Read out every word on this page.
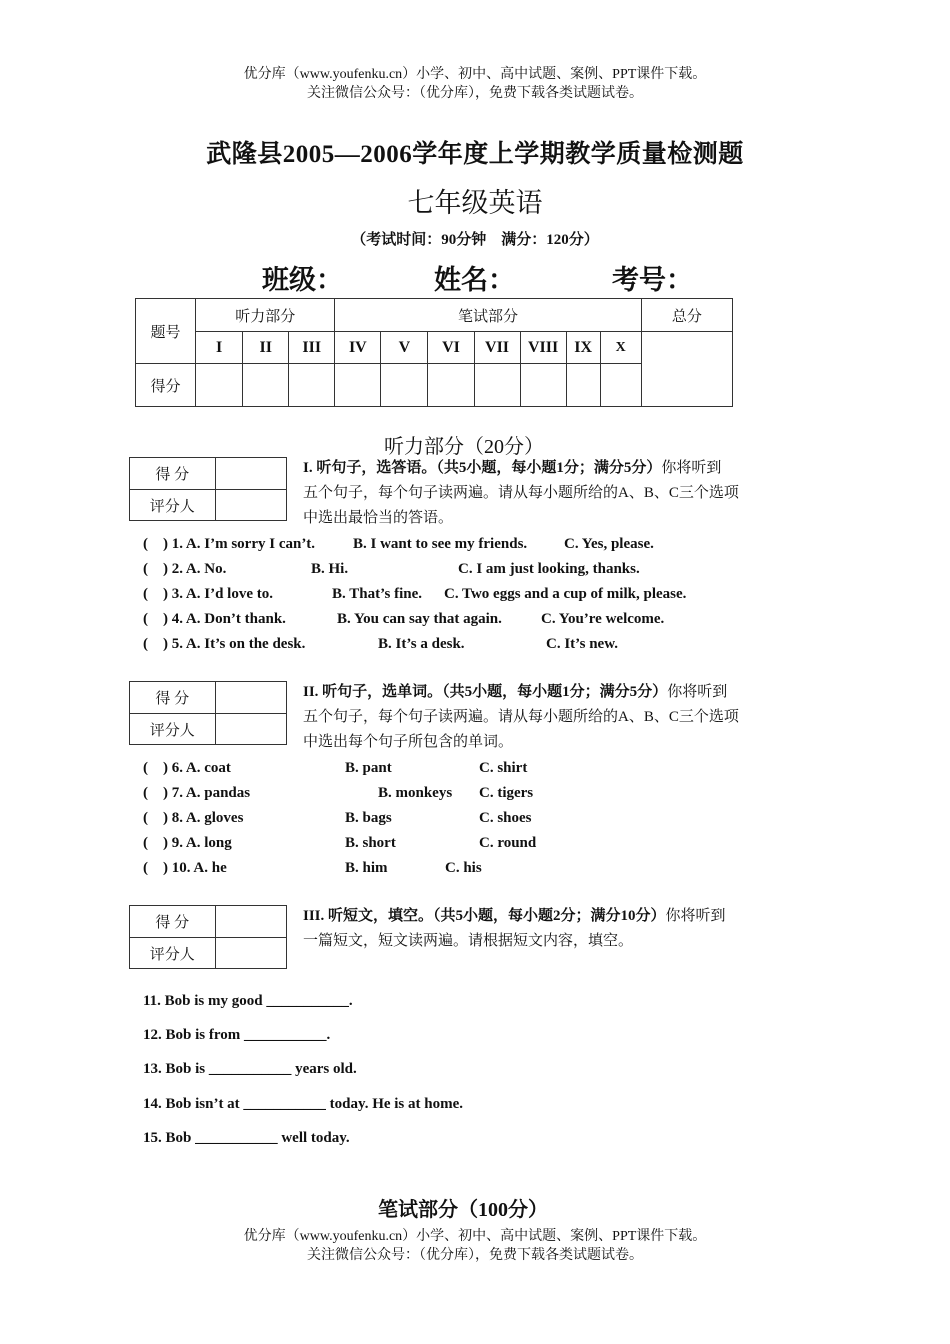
优分库（www.youfenku.cn）小学、初中、高中试题、案例、PPT课件下载。
关注微信公众号：（优分库），免费下载各类试题试卷。
武隆县2005—2006学年度上学期教学质量检测题
七年级英语
（考试时间：90分钟　满分：120分）
班级：	姓名：	考号：
题号	听力部分			笔试部分							总分
	I	II	III	IV	V	VI	VII	VIII	IX	X	
得分											
听力部分（20分）
得 分	
评分人	
I. 听句子，选答语。（共5小题，每小题1分；满分5分）你将听到
五个句子，每个句子读两遍。请从每小题所给的A、B、C三个选项
中选出最恰当的答语。
(　) 1. A. I’m sorry I can’t.	B. I want to see my friends. C. Yes, please.
(　) 2. A. No.	B. Hi.	C. I am just looking, thanks.
(　) 3. A. I’d love to.	B. That’s fine. C. Two eggs and a cup of milk, please.
(　) 4. A. Don’t thank.	B. You can say that again.	C. You’re welcome.
(　) 5. A. It’s on the desk.	B. It’s a desk.	C. It’s new.
得 分	
评分人	
II. 听句子，选单词。（共5小题，每小题1分；满分5分）你将听到
五个句子，每个句子读两遍。请从每小题所给的A、B、C三个选项
中选出每个句子所包含的单词。
(　) 6. A. coat	B. pant	C. shirt
(　) 7. A. pandas	B. monkeys C. tigers
(　) 8. A. gloves	B. bags	C. shoes
(　) 9. A. long	B. short	C. round
(　) 10. A. he	B. him	C. his
得 分	
评分人	
III. 听短文，填空。（共5小题，每小题2分；满分10分）你将听到
一篇短文，短文读两遍。请根据短文内容，填空。
11. Bob is my good ___________.
12. Bob is from ___________.
13. Bob is ___________ years old.
14. Bob isn’t at ___________ today. He is at home.
15. Bob ___________ well today.
笔试部分（100分）
优分库（www.youfenku.cn）小学、初中、高中试题、案例、PPT课件下载。
关注微信公众号：（优分库），免费下载各类试题试卷。
